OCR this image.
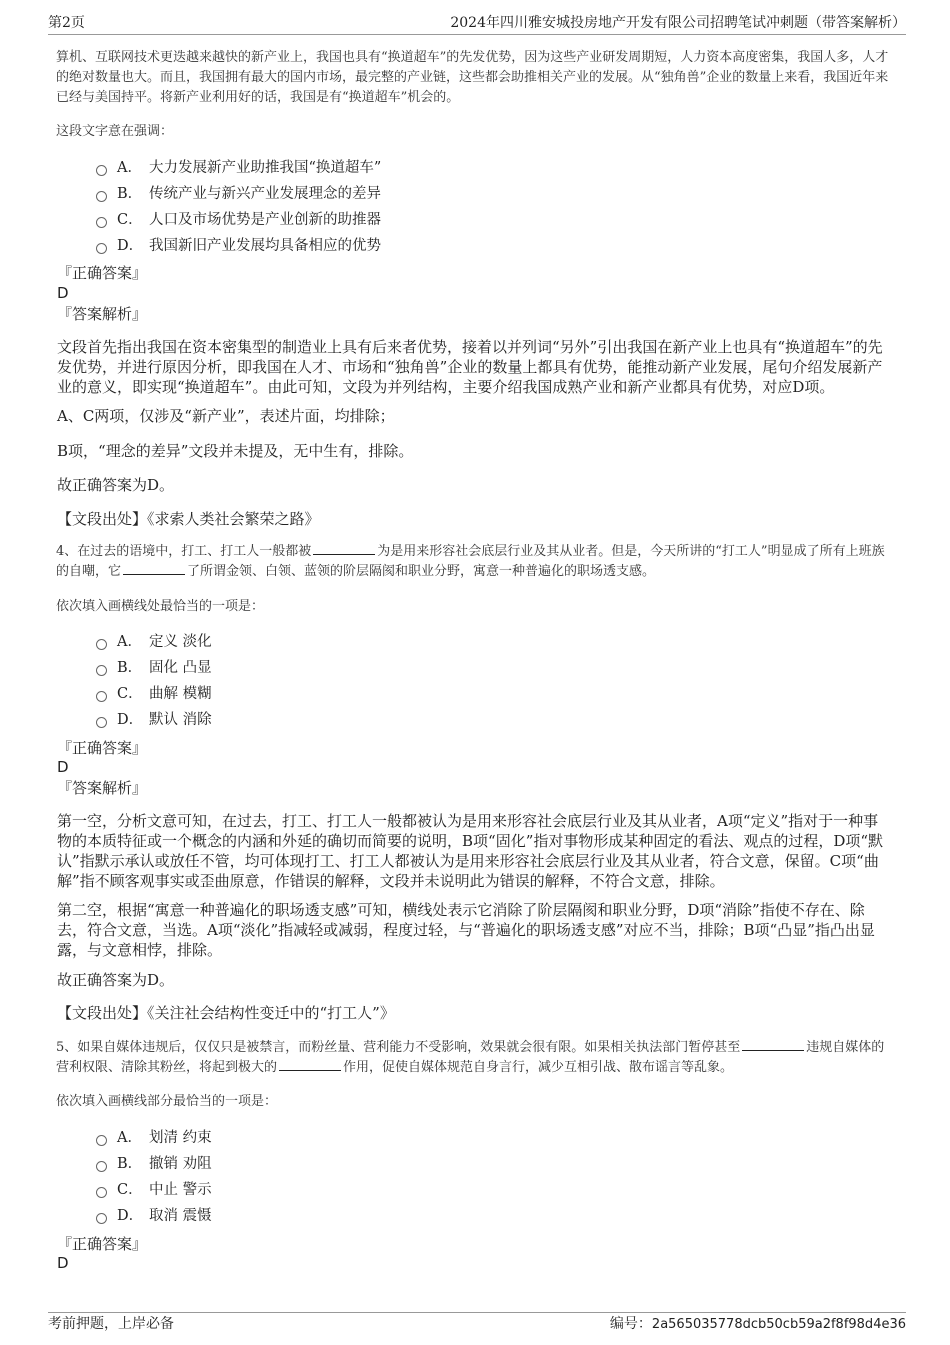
第2页	2024年四川雅安城投房地产开发有限公司招聘笔试冲刺题（带答案解析）

算机、互联网技术更迭越来越快的新产业上，我国也具有“换道超车”的先发优势，因为这些产业研发周期短，人力资本高度密集，我国人多，人才的绝对数量也大。而且，我国拥有最大的国内市场，最完整的产业链，这些都会助推相关产业的发展。从“独角兽”企业的数量上来看，我国近年来已经与美国持平。将新产业利用好的话，我国是有“换道超车”机会的。

这段文字意在强调：

A． 大力发展新产业助推我国“换道超车”
B． 传统产业与新兴产业发展理念的差异
C． 人口及市场优势是产业创新的助推器
D． 我国新旧产业发展均具备相应的优势

『正确答案』

D

『答案解析』

文段首先指出我国在资本密集型的制造业上具有后来者优势，接着以并列词“另外”引出我国在新产业上也具有“换道超车”的先发优势，并进行原因分析，即我国在人才、市场和“独角兽”企业的数量上都具有优势，能推动新产业发展，尾句介绍发展新产业的意义，即实现“换道超车”。由此可知，文段为并列结构，主要介绍我国成熟产业和新产业都具有优势，对应D项。

A、C两项，仅涉及“新产业”，表述片面，均排除；

B项，“理念的差异”文段并未提及，无中生有，排除。

故正确答案为D。

【文段出处】《求索人类社会繁荣之路》

4、在过去的语境中，打工、打工人一般都被	为是用来形容社会底层行业及其从业者。但是，今天所讲的“打工人”明显成了所有上班族的自嘲，它	了所谓金领、白领、蓝领的阶层隔阂和职业分野，寓意一种普遍化的职场透支感。

依次填入画横线处最恰当的一项是：

A． 定义 淡化
B． 固化 凸显
C． 曲解 模糊
D． 默认 消除

『正确答案』

D

『答案解析』

第一空，分析文意可知，在过去，打工、打工人一般都被认为是用来形容社会底层行业及其从业者，A项“定义”指对于一种事物的本质特征或一个概念的内涵和外延的确切而简要的说明，B项“固化”指对事物形成某种固定的看法、观点的过程，D项“默认”指默示承认或放任不管，均可体现打工、打工人都被认为是用来形容社会底层行业及其从业者，符合文意，保留。C项“曲解”指不顾客观事实或歪曲原意，作错误的解释，文段并未说明此为错误的解释，不符合文意，排除。

第二空，根据“寓意一种普遍化的职场透支感”可知，横线处表示它消除了阶层隔阂和职业分野，D项“消除”指使不存在、除去，符合文意，当选。A项“淡化”指减轻或减弱，程度过轻，与“普遍化的职场透支感”对应不当，排除；B项“凸显”指凸出显露，与文意相悖，排除。

故正确答案为D。

【文段出处】《关注社会结构性变迁中的“打工人”》

5、如果自媒体违规后，仅仅只是被禁言，而粉丝量、营利能力不受影响，效果就会很有限。如果相关执法部门暂停甚至	违规自媒体的营利权限、清除其粉丝，将起到极大的	作用，促使自媒体规范自身言行，减少互相引战、散布谣言等乱象。

依次填入画横线部分最恰当的一项是：

A． 划清 约束
B． 撤销 劝阻
C． 中止 警示
D． 取消 震慑

『正确答案』

D

考前押题，上岸必备	编号：2a565035778dcb50cb59a2f8f98d4e36
